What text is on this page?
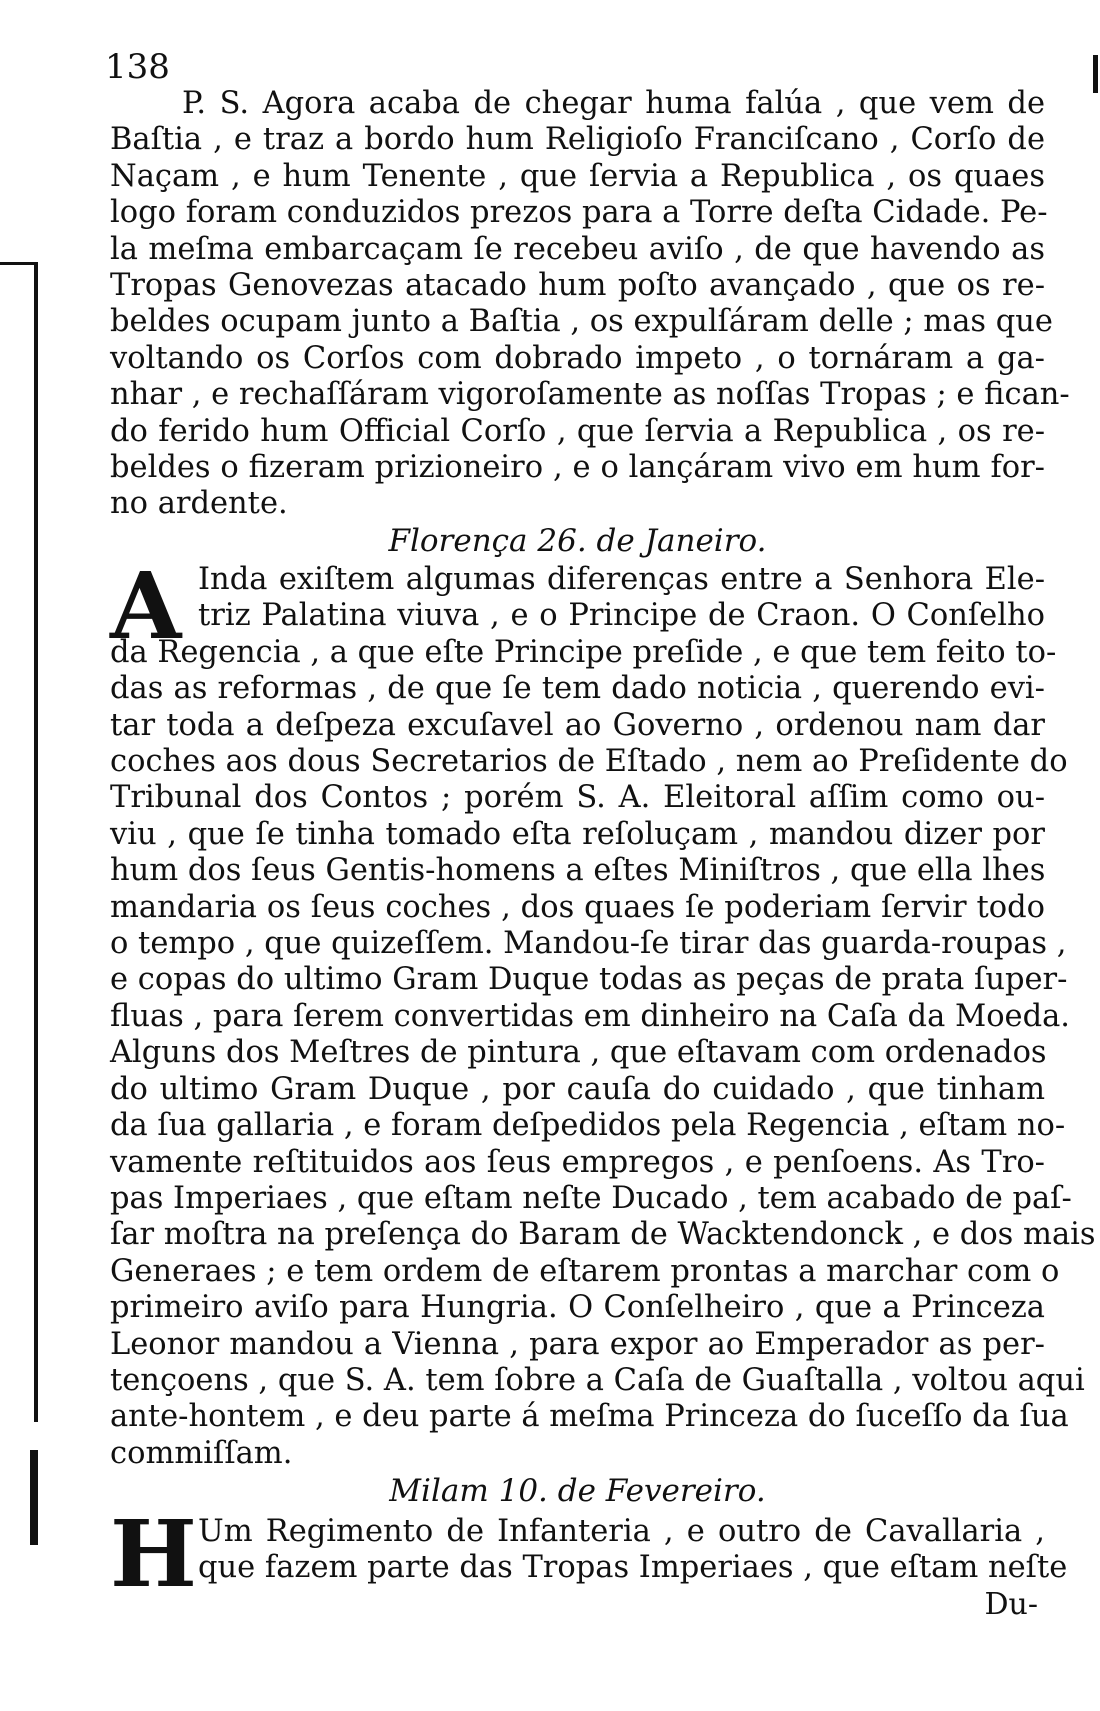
138
P. S. Agora acaba de chegar huma falúa , que vem de
Baſtia , e traz a bordo hum Religioſo Franciſcano , Corſo de
Naçam , e hum Tenente , que ſervia a Republica , os quaes
logo foram conduzidos prezos para a Torre deſta Cidade. Pe-
la meſma embarcaçam ſe recebeu aviſo , de que havendo as
Tropas Genovezas atacado hum poſto avançado , que os re-
beldes ocupam junto a Baſtia , os expulſáram delle ; mas que
voltando os Corſos com dobrado impeto , o tornáram a ga-
nhar , e rechaſſáram vigoroſamente as noſſas Tropas ; e fican-
do ferido hum Official Corſo , que ſervia a Republica , os re-
beldes o fizeram prizioneiro , e o lançáram vivo em hum for-
no ardente.
Florença 26. de Janeiro.
A Inda exiſtem algumas diferenças entre a Senhora Ele-
triz Palatina viuva , e o Principe de Craon. O Conſelho
da Regencia , a que eſte Principe preſide , e que tem feito to-
das as reformas , de que ſe tem dado noticia , querendo evi-
tar toda a deſpeza excuſavel ao Governo , ordenou nam dar
coches aos dous Secretarios de Eſtado , nem ao Preſidente do
Tribunal dos Contos ; porém S. A. Eleitoral aſſim como ou-
viu , que ſe tinha tomado eſta reſoluçam , mandou dizer por
hum dos ſeus Gentis-homens a eſtes Miniſtros , que ella lhes
mandaria os ſeus coches , dos quaes ſe poderiam ſervir todo
o tempo , que quizeſſem. Mandou-ſe tirar das guarda-roupas ,
e copas do ultimo Gram Duque todas as peças de prata ſuper-
fluas , para ſerem convertidas em dinheiro na Caſa da Moeda.
Alguns dos Meſtres de pintura , que eſtavam com ordenados
do ultimo Gram Duque , por cauſa do cuidado , que tinham
da ſua gallaria , e foram deſpedidos pela Regencia , eſtam no-
vamente reſtituidos aos ſeus empregos , e penſoens. As Tro-
pas Imperiaes , que eſtam neſte Ducado , tem acabado de paſ-
ſar moſtra na preſença do Baram de Wacktendonck , e dos mais
Generaes ; e tem ordem de eſtarem prontas a marchar com o
primeiro aviſo para Hungria. O Conſelheiro , que a Princeza
Leonor mandou a Vienna , para expor ao Emperador as per-
tençoens , que S. A. tem ſobre a Caſa de Guaſtalla , voltou aqui
ante-hontem , e deu parte á meſma Princeza do ſuceſſo da ſua
commiſſam.
Milam 10. de Fevereiro.
H Um Regimento de Infanteria , e outro de Cavallaria ,
que fazem parte das Tropas Imperiaes , que eſtam neſte
Du-
